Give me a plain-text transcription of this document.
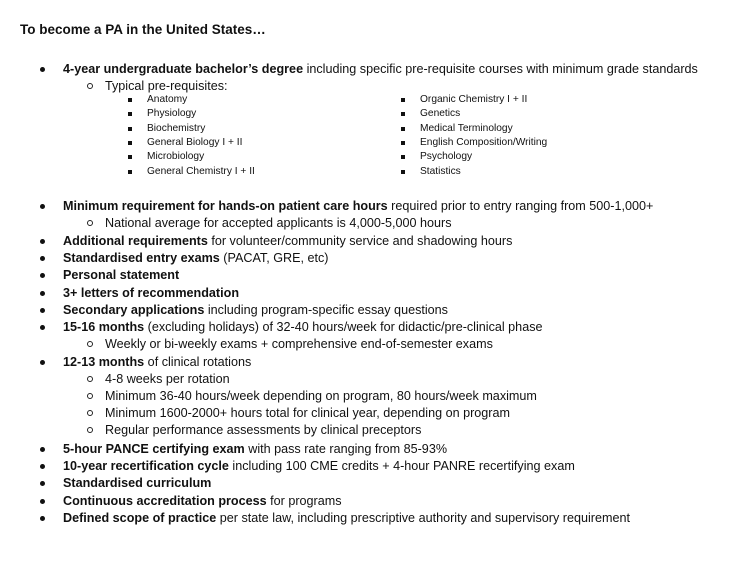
To become a PA in the United States…
4-year undergraduate bachelor’s degree including specific pre-requisite courses with minimum grade standards
Typical pre-requisites:
Anatomy
Physiology
Biochemistry
General Biology I + II
Microbiology
General Chemistry I + II
Organic Chemistry I + II
Genetics
Medical Terminology
English Composition/Writing
Psychology
Statistics
Minimum requirement for hands-on patient care hours required prior to entry ranging from 500-1,000+
National average for accepted applicants is 4,000-5,000 hours
Additional requirements for volunteer/community service and shadowing hours
Standardised entry exams (PACAT, GRE, etc)
Personal statement
3+ letters of recommendation
Secondary applications including program-specific essay questions
15-16 months (excluding holidays) of 32-40 hours/week for didactic/pre-clinical phase
Weekly or bi-weekly exams + comprehensive end-of-semester exams
12-13 months of clinical rotations
4-8 weeks per rotation
Minimum 36-40 hours/week depending on program, 80 hours/week maximum
Minimum 1600-2000+ hours total for clinical year, depending on program
Regular performance assessments by clinical preceptors
5-hour PANCE certifying exam with pass rate ranging from 85-93%
10-year recertification cycle including 100 CME credits + 4-hour PANRE recertifying exam
Standardised curriculum
Continuous accreditation process for programs
Defined scope of practice per state law, including prescriptive authority and supervisory requirement
